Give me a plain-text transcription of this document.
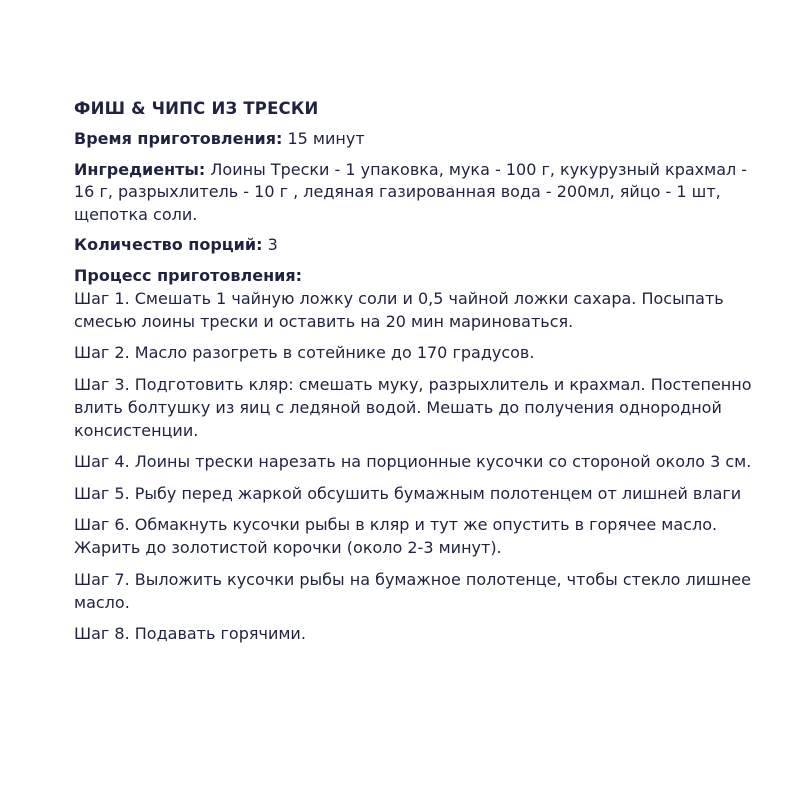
ФИШ & ЧИПС ИЗ ТРЕСКИ
Время приготовления: 15 минут
Ингредиенты: Лоины Трески - 1 упаковка, мука - 100 г, кукурузный крахмал - 16 г, разрыхлитель - 10 г , ледяная газированная вода - 200мл, яйцо - 1 шт, щепотка соли.
Количество порций: 3
Процесс приготовления:
Шаг 1. Смешать 1 чайную ложку соли и 0,5 чайной ложки сахара. Посыпать смесью лоины трески и оставить на 20 мин мариноваться.
Шаг 2. Масло разогреть в сотейнике до 170 градусов.
Шаг 3. Подготовить кляр: смешать муку, разрыхлитель и крахмал. Постепенно влить болтушку из яиц с ледяной водой. Мешать до получения однородной консистенции.
Шаг 4. Лоины трески нарезать на порционные кусочки со стороной около 3 см.
Шаг 5. Рыбу перед жаркой обсушить бумажным полотенцем от лишней влаги
Шаг 6. Обмакнуть кусочки рыбы в кляр и тут же опустить в горячее масло. Жарить до золотистой корочки (около 2-3 минут).
Шаг 7. Выложить кусочки рыбы на бумажное полотенце, чтобы стекло лишнее масло.
Шаг 8. Подавать горячими.
